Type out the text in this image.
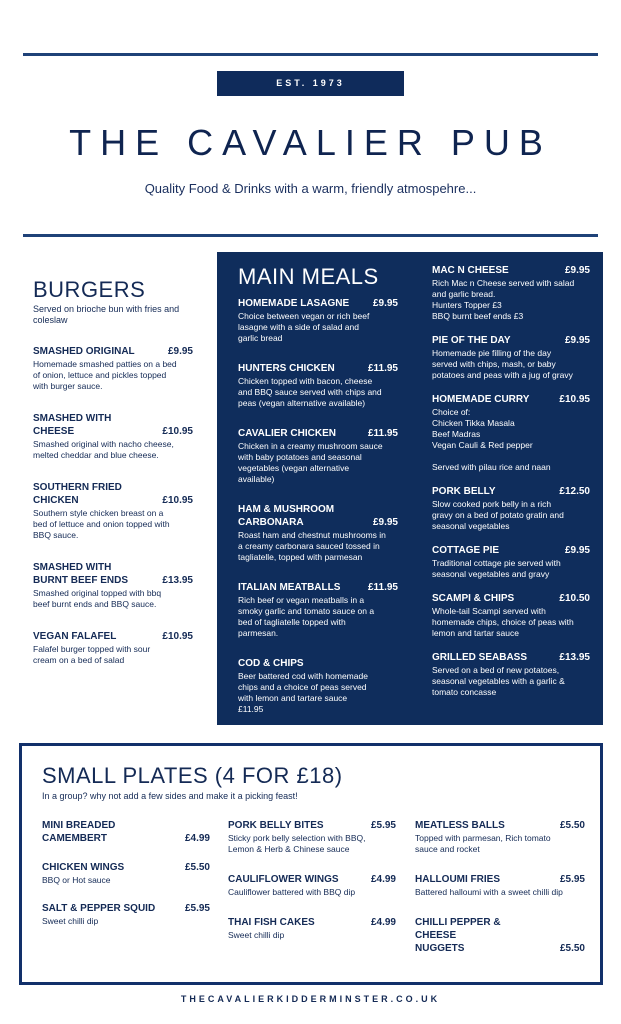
EST. 1973
THE CAVALIER PUB
Quality Food & Drinks with a warm, friendly atmospehre...
BURGERS
Served on brioche bun with fries and coleslaw
MAIN MEALS
HOMEMADE LASAGNE £9.95
Choice between vegan or rich beef
lasagne with a side of salad and
garlic bread
HUNTERS CHICKEN	£11.95
Chicken topped with bacon, cheese
and BBQ sauce served with chips and
peas (vegan alternative available)
CAVALIER CHICKEN	£11.95
Chicken in a creamy mushroom sauce
with baby potatoes and seasonal
vegetables (vegan alternative
available)
HAM & MUSHROOM
CARBONARA	£9.95
Roast ham and chestnut mushrooms in
a creamy carbonara sauced tossed in
tagliatelle, topped with parmesan
ITALIAN MEATBALLS	£11.95
Rich beef or vegan meatballs in a
smoky garlic and tomato sauce on a
bed of tagliatelle topped with
parmesan.
COD & CHIPS
Beer battered cod with homemade
chips and a choice of peas served
with lemon and tartare sauce
£11.95
MAC N CHEESE	£9.95
Rich Mac n Cheese served with salad
and garlic bread.
Hunters Topper £3
BBQ burnt beef ends £3
PIE OF THE DAY	£9.95
Homemade pie filling of the day
served with chips, mash, or baby
potatoes and peas with a jug of gravy
HOMEMADE CURRY	£10.95
Choice of:
Chicken Tikka Masala
Beef Madras
Vegan Cauli & Red pepper

Served with pilau rice and naan
PORK BELLY	£12.50
Slow cooked pork belly in a rich
gravy on a bed of potato gratin and
seasonal vegetables
COTTAGE PIE	£9.95
Traditional cottage pie served with
seasonal vegetables and gravy
SCAMPI & CHIPS	£10.50
Whole-tail Scampi served with
homemade chips, choice of peas with
lemon and tartar sauce
GRILLED SEABASS	£13.95
Served on a bed of new potatoes,
seasonal vegetables with a garlic &
tomato concasse
SMALL PLATES (4 FOR £18)
In a group? why not add a few sides and make it a picking feast!
MINI BREADED
CAMEMBERT	£4.99
CHICKEN WINGS	£5.50
BBQ or Hot sauce
SALT & PEPPER SQUID	£5.95
Sweet chilli dip
PORK BELLY BITES	£5.95
Sticky pork belly selection with BBQ,
Lemon & Herb & Chinese sauce
CAULIFLOWER WINGS	£4.99
Cauliflower battered with BBQ dip
THAI FISH CAKES	£4.99
Sweet chilli dip
MEATLESS BALLS	£5.50
Topped with parmesan, Rich tomato
sauce and rocket
HALLOUMI FRIES	£5.95
Battered halloumi with a sweet chilli dip
CHILLI PEPPER & CHEESE
NUGGETS	£5.50
THECAVALIERKIDDERMINSTER.CO.UK
SMASHED ORIGINAL	£9.95
Homemade smashed patties on a bed
of onion, lettuce and pickles topped
with burger sauce.
SMASHED WITH
CHEESE	£10.95
Smashed original with nacho cheese,
melted cheddar and blue cheese.
SOUTHERN FRIED
CHICKEN	£10.95
Southern style chicken breast on a
bed of lettuce and onion topped with
BBQ sauce.
SMASHED WITH
BURNT BEEF ENDS	£13.95
Smashed original topped with bbq
beef burnt ends and BBQ sauce.
VEGAN FALAFEL	£10.95
Falafel burger topped with sour
cream on a bed of salad
